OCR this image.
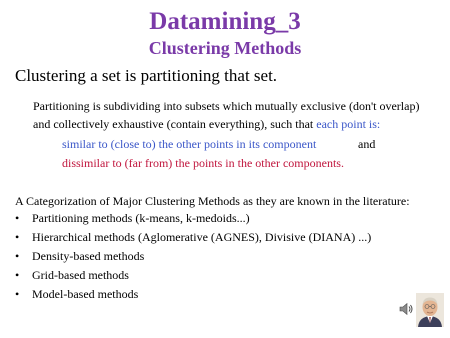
Datamining_3
Clustering Methods
Clustering a set is partitioning that set.
Partitioning is subdividing into subsets which mutually exclusive (don't overlap)
and collectively exhaustive (contain everything), such that each point is:
similar to (close to) the other points in its component	and
dissimilar to (far from) the points in the other components.
A Categorization of Major Clustering Methods as they are known in the literature:
• Partitioning methods (k-means, k-medoids...)
• Hierarchical methods (Aglomerative (AGNES), Divisive (DIANA) ...)
• Density-based methods
• Grid-based methods
• Model-based methods
